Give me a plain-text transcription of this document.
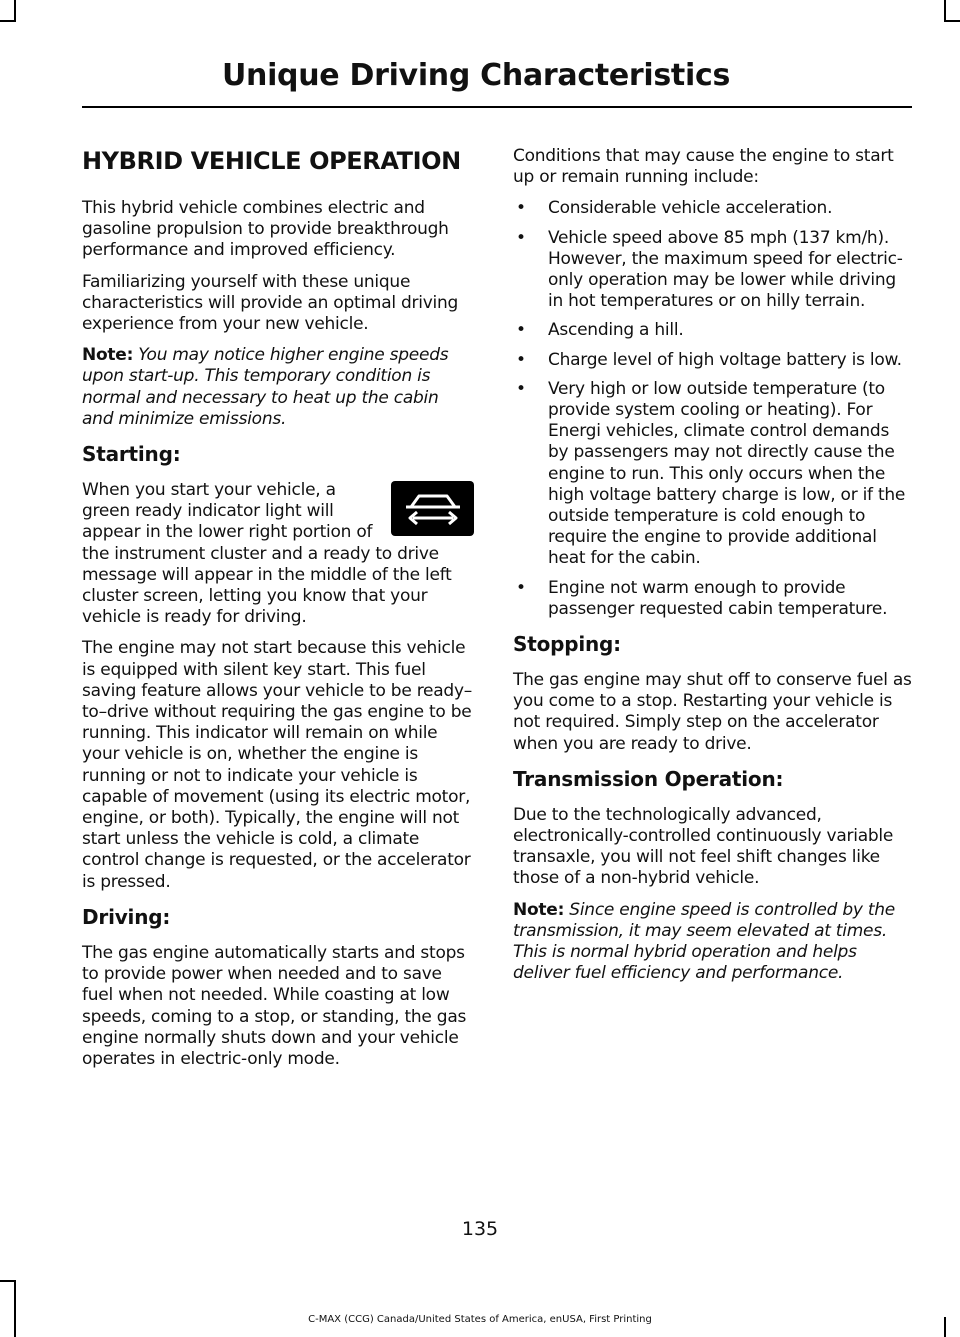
Unique Driving Characteristics
HYBRID VEHICLE OPERATION

This hybrid vehicle combines electric and gasoline propulsion to provide breakthrough performance and improved efficiency.

Familiarizing yourself with these unique characteristics will provide an optimal driving experience from your new vehicle.

Note: You may notice higher engine speeds upon start-up. This temporary condition is normal and necessary to heat up the cabin and minimize emissions.

Starting:

When you start your vehicle, a green ready indicator light will appear in the lower right portion of the instrument cluster and a ready to drive message will appear in the middle of the left cluster screen, letting you know that your vehicle is ready for driving.

The engine may not start because this vehicle is equipped with silent key start. This fuel saving feature allows your vehicle to be ready–to–drive without requiring the gas engine to be running. This indicator will remain on while your vehicle is on, whether the engine is running or not to indicate your vehicle is capable of movement (using its electric motor, engine, or both). Typically, the engine will not start unless the vehicle is cold, a climate control change is requested, or the accelerator is pressed.

Driving:

The gas engine automatically starts and stops to provide power when needed and to save fuel when not needed. While coasting at low speeds, coming to a stop, or standing, the gas engine normally shuts down and your vehicle operates in electric-only mode.

Conditions that may cause the engine to start up or remain running include:

• Considerable vehicle acceleration.
• Vehicle speed above 85 mph (137 km/h). However, the maximum speed for electric-only operation may be lower while driving in hot temperatures or on hilly terrain.
• Ascending a hill.
• Charge level of high voltage battery is low.
• Very high or low outside temperature (to provide system cooling or heating). For Energi vehicles, climate control demands by passengers may not directly cause the engine to run. This only occurs when the high voltage battery charge is low, or if the outside temperature is cold enough to require the engine to provide additional heat for the cabin.
• Engine not warm enough to provide passenger requested cabin temperature.
Stopping:

The gas engine may shut off to conserve fuel as you come to a stop. Restarting your vehicle is not required. Simply step on the accelerator when you are ready to drive.

Transmission Operation:

Due to the technologically advanced, electronically-controlled continuously variable transaxle, you will not feel shift changes like those of a non-hybrid vehicle.

Note: Since engine speed is controlled by the transmission, it may seem elevated at times. This is normal hybrid operation and helps deliver fuel efficiency and performance.

135

C-MAX (CCG) Canada/United States of America, enUSA, First Printing
